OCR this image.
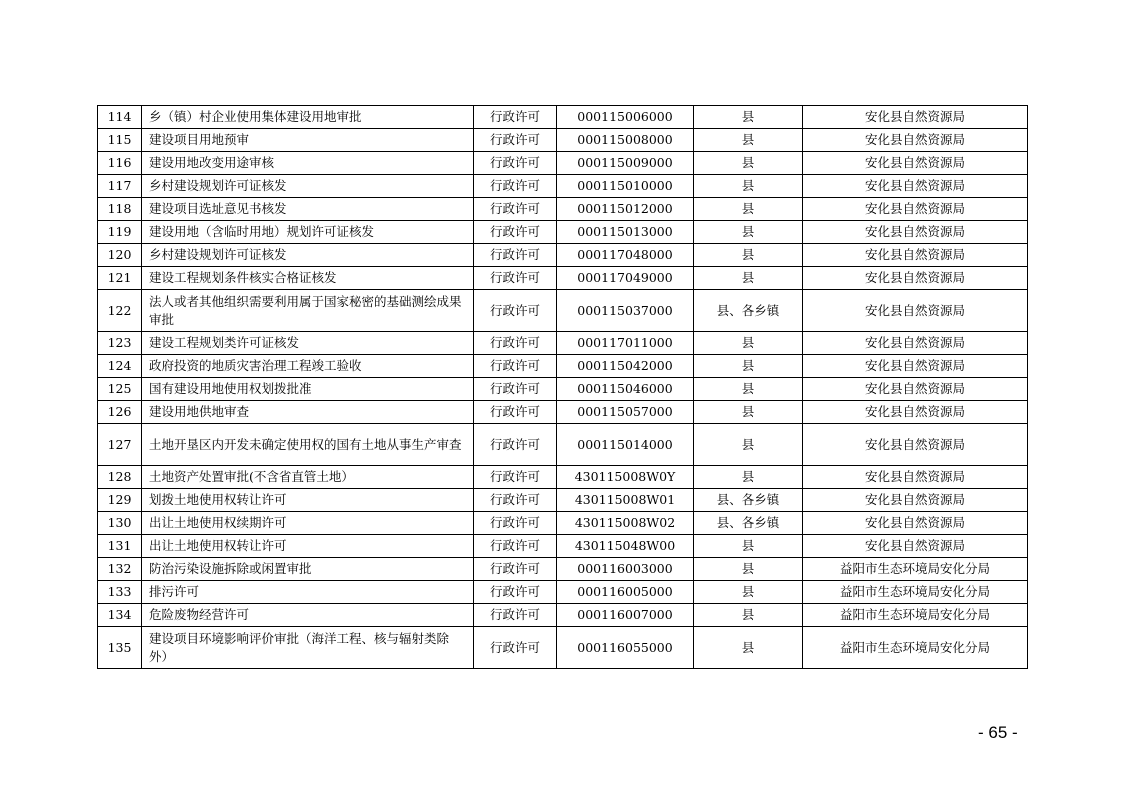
114	乡（镇）村企业使用集体建设用地审批	行政许可	000115006000	县	安化县自然资源局
115	建设项目用地预审	行政许可	000115008000	县	安化县自然资源局
116	建设用地改变用途审核	行政许可	000115009000	县	安化县自然资源局
117	乡村建设规划许可证核发	行政许可	000115010000	县	安化县自然资源局
118	建设项目选址意见书核发	行政许可	000115012000	县	安化县自然资源局
119	建设用地（含临时用地）规划许可证核发	行政许可	000115013000	县	安化县自然资源局
120	乡村建设规划许可证核发	行政许可	000117048000	县	安化县自然资源局
121	建设工程规划条件核实合格证核发	行政许可	000117049000	县	安化县自然资源局
122	法人或者其他组织需要利用属于国家秘密的基础测绘成果审批	行政许可	000115037000	县、各乡镇	安化县自然资源局
123	建设工程规划类许可证核发	行政许可	000117011000	县	安化县自然资源局
124	政府投资的地质灾害治理工程竣工验收	行政许可	000115042000	县	安化县自然资源局
125	国有建设用地使用权划拨批准	行政许可	000115046000	县	安化县自然资源局
126	建设用地供地审查	行政许可	000115057000	县	安化县自然资源局
127	土地开垦区内开发未确定使用权的国有土地从事生产审查	行政许可	000115014000	县	安化县自然资源局
128	土地资产处置审批(不含省直管土地）	行政许可	430115008W0Y	县	安化县自然资源局
129	划拨土地使用权转让许可	行政许可	430115008W01	县、各乡镇	安化县自然资源局
130	出让土地使用权续期许可	行政许可	430115008W02	县、各乡镇	安化县自然资源局
131	出让土地使用权转让许可	行政许可	430115048W00	县	安化县自然资源局
132	防治污染设施拆除或闲置审批	行政许可	000116003000	县	益阳市生态环境局安化分局
133	排污许可	行政许可	000116005000	县	益阳市生态环境局安化分局
134	危险废物经营许可	行政许可	000116007000	县	益阳市生态环境局安化分局
135	建设项目环境影响评价审批（海洋工程、核与辐射类除外）	行政许可	000116055000	县	益阳市生态环境局安化分局
- 65 -
